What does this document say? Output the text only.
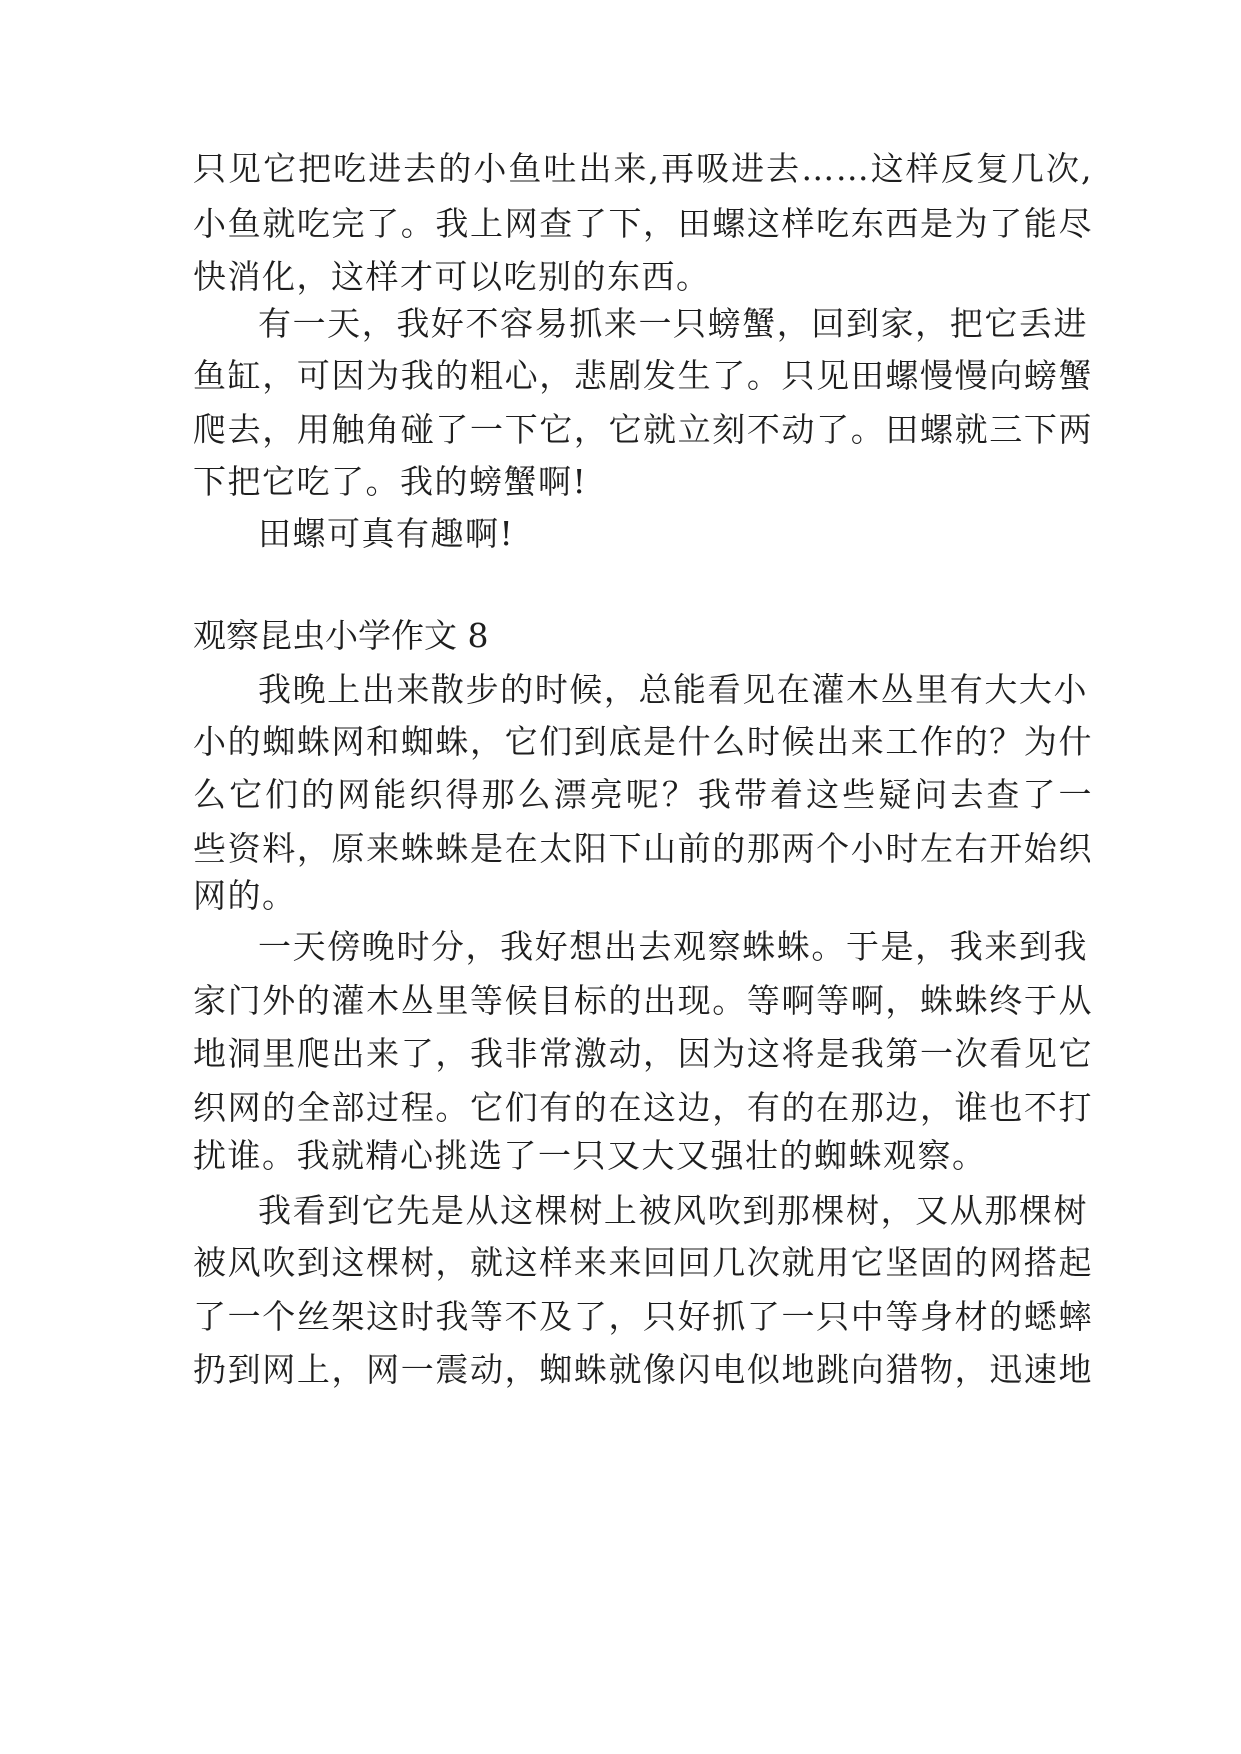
只见它把吃进去的小鱼吐出来,再吸进去……这样反复几次,
小鱼就吃完了。我上网查了下，田螺这样吃东西是为了能尽
快消化，这样才可以吃别的东西。
有一天，我好不容易抓来一只螃蟹，回到家，把它丢进
鱼缸，可因为我的粗心，悲剧发生了。只见田螺慢慢向螃蟹
爬去，用触角碰了一下它，它就立刻不动了。田螺就三下两
下把它吃了。我的螃蟹啊!
田螺可真有趣啊!
观察昆虫小学作文 8
我晚上出来散步的时候，总能看见在灌木丛里有大大小
小的蜘蛛网和蜘蛛，它们到底是什么时候出来工作的？为什
么它们的网能织得那么漂亮呢？我带着这些疑问去查了一
些资料，原来蛛蛛是在太阳下山前的那两个小时左右开始织
网的。
一天傍晚时分，我好想出去观察蛛蛛。于是，我来到我
家门外的灌木丛里等候目标的出现。等啊等啊，蛛蛛终于从
地洞里爬出来了，我非常激动，因为这将是我第一次看见它
织网的全部过程。它们有的在这边，有的在那边，谁也不打
扰谁。我就精心挑选了一只又大又强壮的蜘蛛观察。
我看到它先是从这棵树上被风吹到那棵树，又从那棵树
被风吹到这棵树，就这样来来回回几次就用它坚固的网搭起
了一个丝架这时我等不及了，只好抓了一只中等身材的蟋蟀
扔到网上，网一震动，蜘蛛就像闪电似地跳向猎物，迅速地
